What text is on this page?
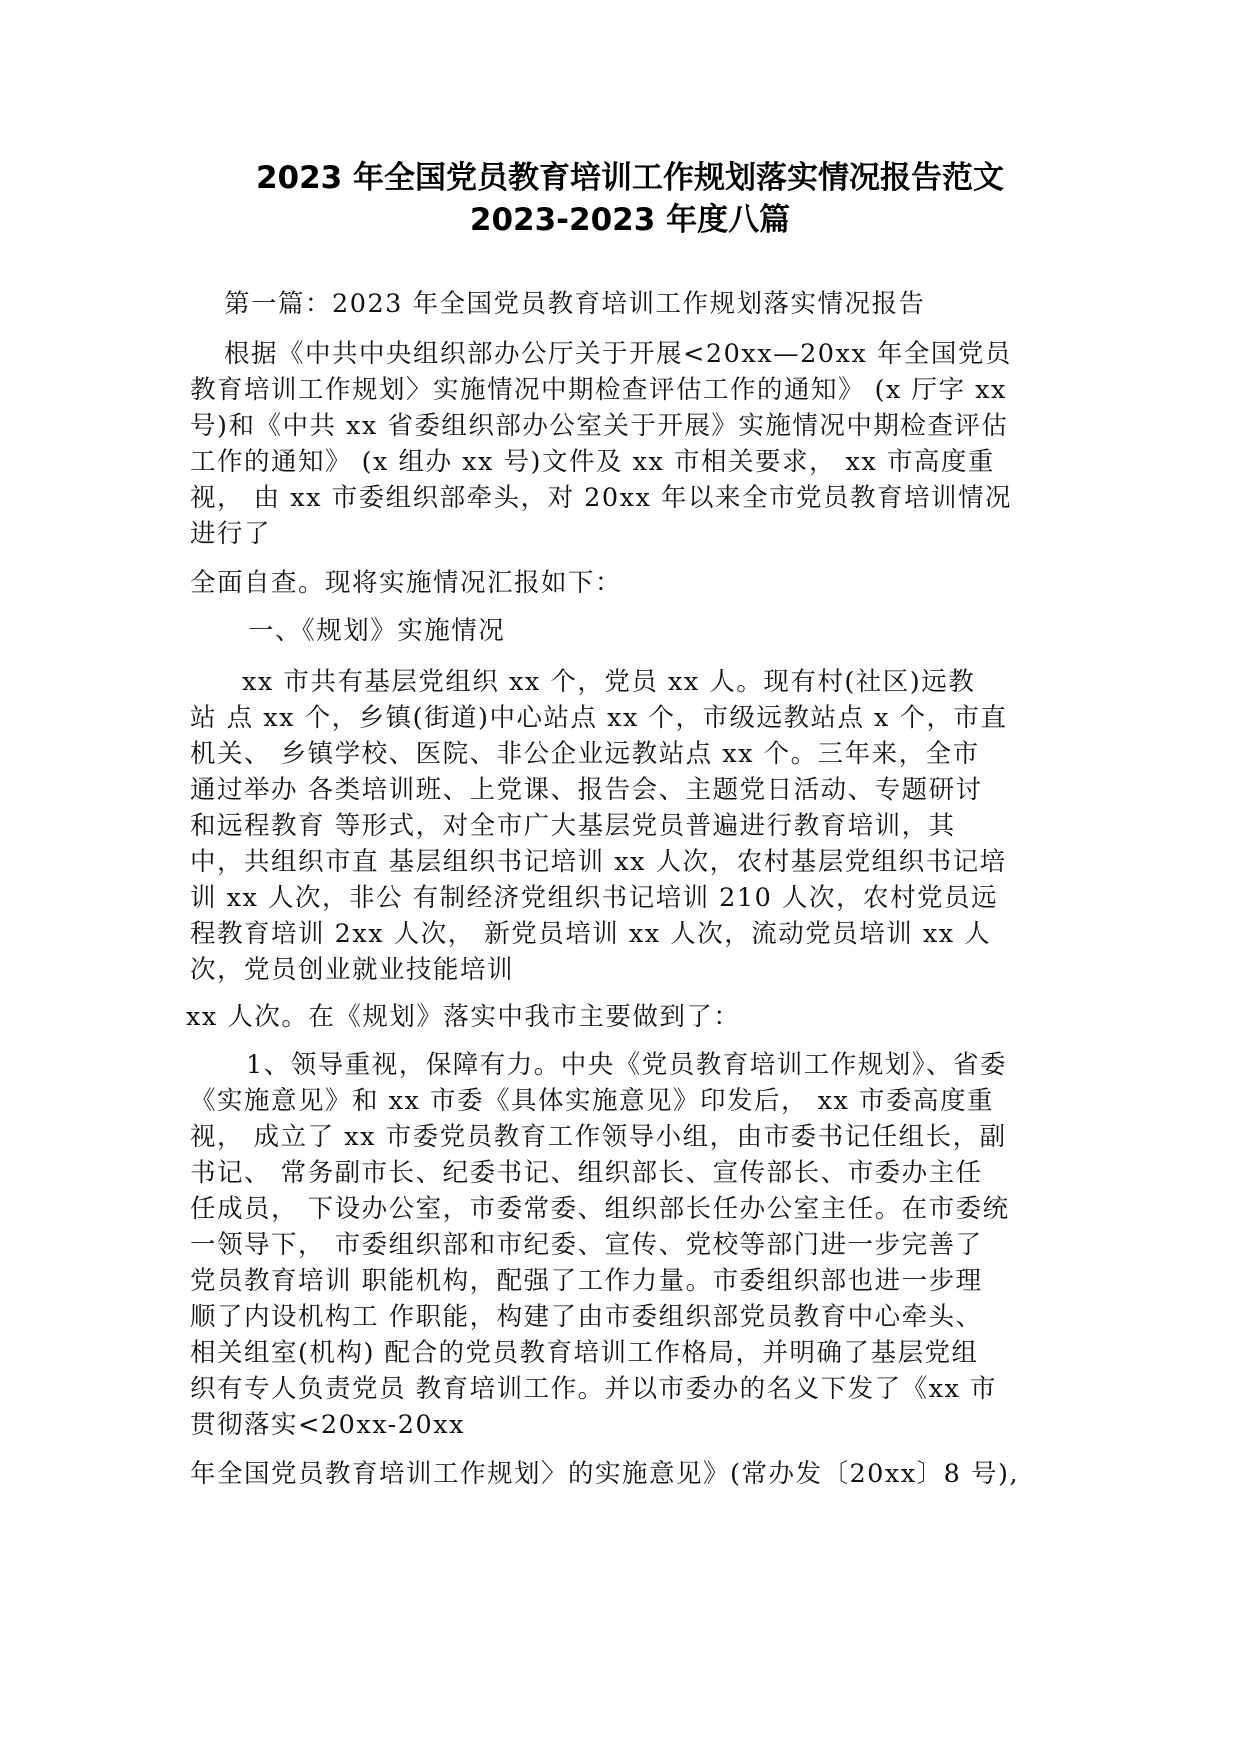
2023 年全国党员教育培训工作规划落实情况报告范文
2023-2023 年度八篇
第一篇：2023 年全国党员教育培训工作规划落实情况报告
根据《中共中央组织部办公厅关于开展<20xx—20xx 年全国党员
教育培训工作规划〉实施情况中期检查评估工作的通知》 (x 厅字 xx
号)和《中共 xx 省委组织部办公室关于开展》实施情况中期检查评估
工作的通知》 (x 组办 xx 号)文件及 xx 市相关要求， xx 市高度重
视， 由 xx 市委组织部牵头，对 20xx 年以来全市党员教育培训情况
进行了
全面自查。现将实施情况汇报如下：
一、《规划》实施情况
xx 市共有基层党组织 xx 个，党员 xx 人。现有村(社区)远教
站 点 xx 个，乡镇(街道)中心站点 xx 个，市级远教站点 x 个，市直
机关、 乡镇学校、医院、非公企业远教站点 xx 个。三年来，全市
通过举办 各类培训班、上党课、报告会、主题党日活动、专题研讨
和远程教育 等形式，对全市广大基层党员普遍进行教育培训，其
中，共组织市直 基层组织书记培训 xx 人次，农村基层党组织书记培
训 xx 人次，非公 有制经济党组织书记培训 210 人次，农村党员远
程教育培训 2xx 人次， 新党员培训 xx 人次，流动党员培训 xx 人
次，党员创业就业技能培训
xx 人次。在《规划》落实中我市主要做到了：
1、领导重视，保障有力。中央《党员教育培训工作规划》、省委
《实施意见》和 xx 市委《具体实施意见》印发后， xx 市委高度重
视， 成立了 xx 市委党员教育工作领导小组，由市委书记任组长，副
书记、 常务副市长、纪委书记、组织部长、宣传部长、市委办主任
任成员， 下设办公室，市委常委、组织部长任办公室主任。在市委统
一领导下， 市委组织部和市纪委、宣传、党校等部门进一步完善了
党员教育培训 职能机构，配强了工作力量。市委组织部也进一步理
顺了内设机构工 作职能，构建了由市委组织部党员教育中心牵头、
相关组室(机构) 配合的党员教育培训工作格局，并明确了基层党组
织有专人负责党员 教育培训工作。并以市委办的名义下发了《xx 市
贯彻落实<20xx-20xx
年全国党员教育培训工作规划〉的实施意见》(常办发〔20xx〕8 号),
